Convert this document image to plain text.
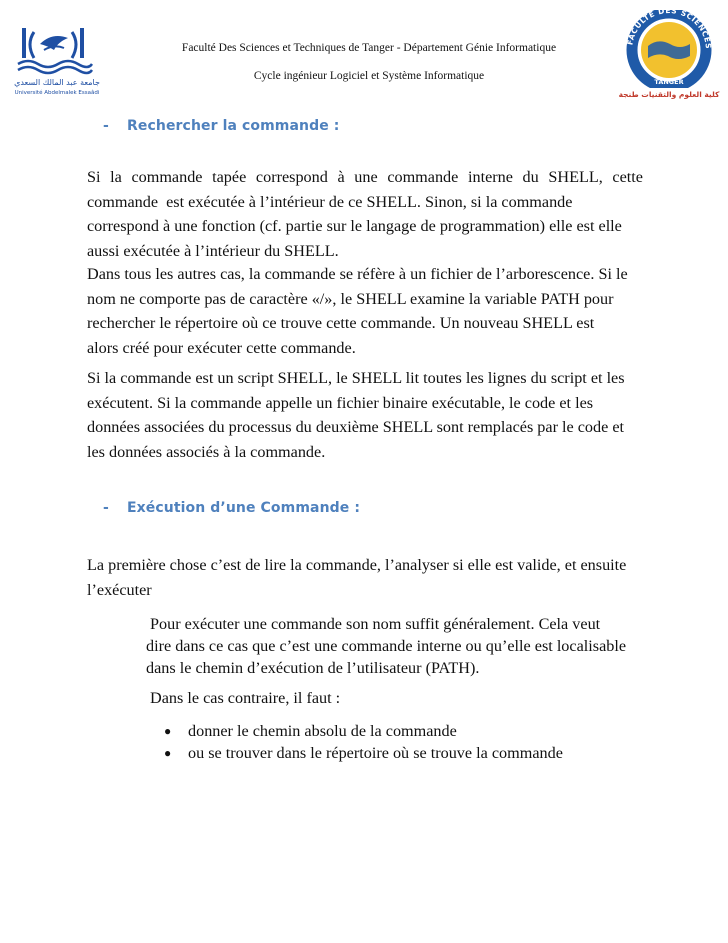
جامعة عبد المالك السعدي
Université Abdelmalek Essaâdi
Faculté Des Sciences et Techniques de Tanger - Département Génie Informatique
Cycle ingénieur Logiciel et Système Informatique
FACULTÉ DES SCIENCES
TANGER
كلية العلوم والتقنيات طنجة
- Rechercher la commande :
Si la commande tapée correspond à une commande interne du SHELL, cette
commande  est exécutée à l’intérieur de ce SHELL. Sinon, si la commande
correspond à une fonction (cf. partie sur le langage de programmation) elle est elle
aussi exécutée à l’intérieur du SHELL.
Dans tous les autres cas, la commande se réfère à un fichier de l’arborescence. Si le
nom ne comporte pas de caractère «/», le SHELL examine la variable PATH pour
rechercher le répertoire où ce trouve cette commande. Un nouveau SHELL est
alors créé pour exécuter cette commande.
Si la commande est un script SHELL, le SHELL lit toutes les lignes du script et les
exécutent. Si la commande appelle un fichier binaire exécutable, le code et les
données associées du processus du deuxième SHELL sont remplacés par le code et
les données associés à la commande.
- Exécution d’une Commande :
La première chose c’est de lire la commande, l’analyser si elle est valide, et ensuite
l’exécuter
Pour exécuter une commande son nom suffit généralement. Cela veut
dire dans ce cas que c’est une commande interne ou qu’elle est localisable
dans le chemin d’exécution de l’utilisateur (PATH).
Dans le cas contraire, il faut :
● donner le chemin absolu de la commande
● ou se trouver dans le répertoire où se trouve la commande
